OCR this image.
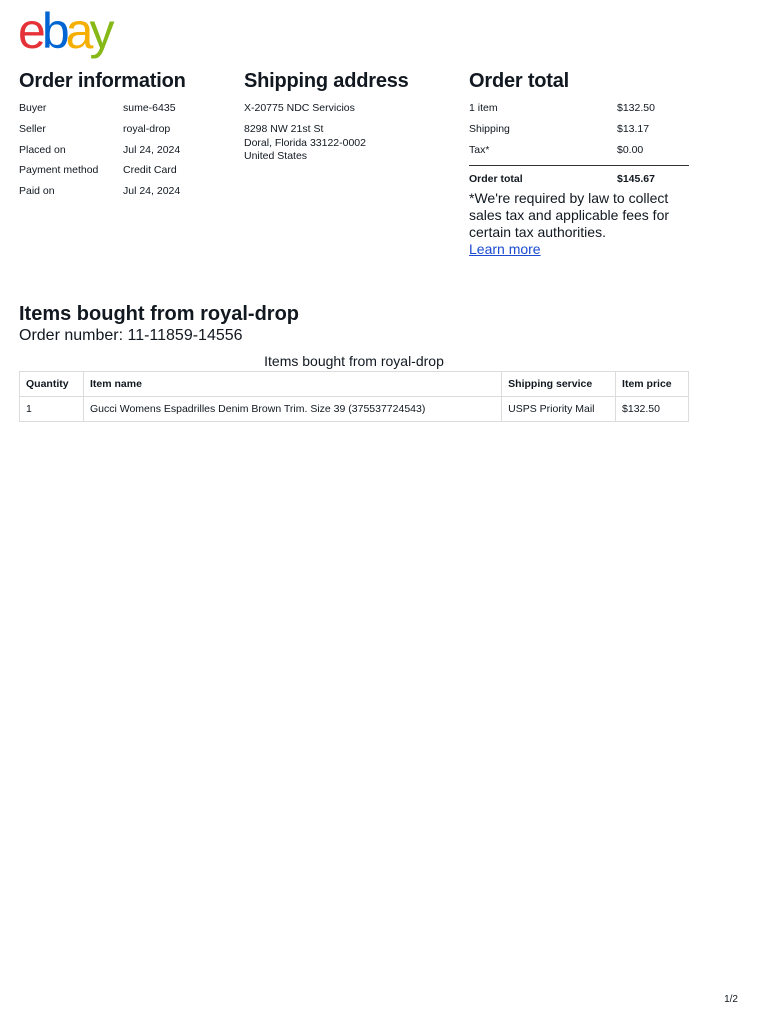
ebay
Order information
Buyer	sume-6435
Seller	royal-drop
Placed on	Jul 24, 2024
Payment method	Credit Card
Paid on	Jul 24, 2024
Shipping address
X-20775 NDC Servicios
8298 NW 21st St
Doral, Florida 33122-0002
United States
Order total
1 item	$132.50
Shipping	$13.17
Tax*	$0.00
Order total	$145.67
*We're required by law to collect sales tax and applicable fees for certain tax authorities.
Learn more
Items bought from royal-drop
Order number: 11-11859-14556
Items bought from royal-drop
Quantity	Item name	Shipping service	Item price
1	Gucci Womens Espadrilles Denim Brown Trim. Size 39 (375537724543)	USPS Priority Mail	$132.50
1/2
